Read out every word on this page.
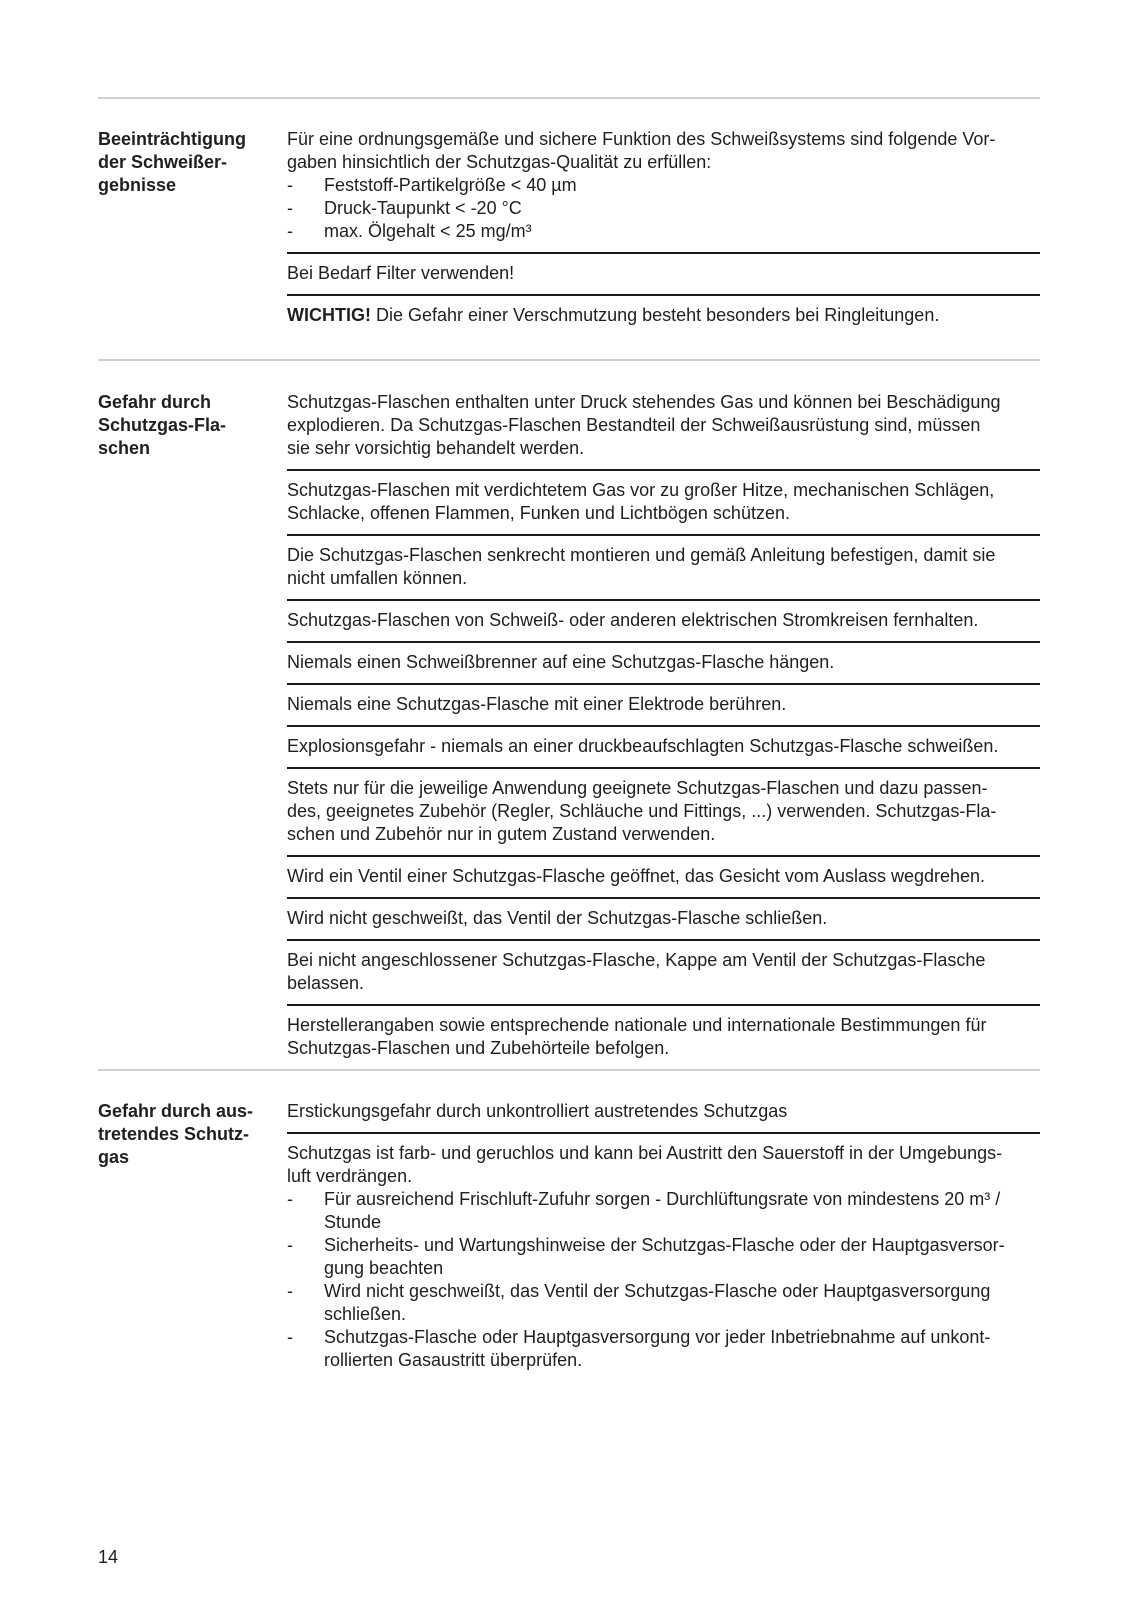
Beeinträchtigung
der Schweißer-
gebnisse
Für eine ordnungsgemäße und sichere Funktion des Schweißsystems sind folgende Vor-
gaben hinsichtlich der Schutzgas-Qualität zu erfüllen:
- Feststoff-Partikelgröße < 40 µm
- Druck-Taupunkt < -20 °C
- max. Ölgehalt < 25 mg/m³
Bei Bedarf Filter verwenden!
WICHTIG! Die Gefahr einer Verschmutzung besteht besonders bei Ringleitungen.
Gefahr durch
Schutzgas-Fla-
schen
Schutzgas-Flaschen enthalten unter Druck stehendes Gas und können bei Beschädigung
explodieren. Da Schutzgas-Flaschen Bestandteil der Schweißausrüstung sind, müssen
sie sehr vorsichtig behandelt werden.
Schutzgas-Flaschen mit verdichtetem Gas vor zu großer Hitze, mechanischen Schlägen,
Schlacke, offenen Flammen, Funken und Lichtbögen schützen.
Die Schutzgas-Flaschen senkrecht montieren und gemäß Anleitung befestigen, damit sie
nicht umfallen können.
Schutzgas-Flaschen von Schweiß- oder anderen elektrischen Stromkreisen fernhalten.
Niemals einen Schweißbrenner auf eine Schutzgas-Flasche hängen.
Niemals eine Schutzgas-Flasche mit einer Elektrode berühren.
Explosionsgefahr - niemals an einer druckbeaufschlagten Schutzgas-Flasche schweißen.
Stets nur für die jeweilige Anwendung geeignete Schutzgas-Flaschen und dazu passen-
des, geeignetes Zubehör (Regler, Schläuche und Fittings, ...) verwenden. Schutzgas-Fla-
schen und Zubehör nur in gutem Zustand verwenden.
Wird ein Ventil einer Schutzgas-Flasche geöffnet, das Gesicht vom Auslass wegdrehen.
Wird nicht geschweißt, das Ventil der Schutzgas-Flasche schließen.
Bei nicht angeschlossener Schutzgas-Flasche, Kappe am Ventil der Schutzgas-Flasche
belassen.
Herstellerangaben sowie entsprechende nationale und internationale Bestimmungen für
Schutzgas-Flaschen und Zubehörteile befolgen.
Gefahr durch aus-
tretendes Schutz-
gas
Erstickungsgefahr durch unkontrolliert austretendes Schutzgas
Schutzgas ist farb- und geruchlos und kann bei Austritt den Sauerstoff in der Umgebungs-
luft verdrängen.
- Für ausreichend Frischluft-Zufuhr sorgen - Durchlüftungsrate von mindestens 20 m³ /
Stunde
- Sicherheits- und Wartungshinweise der Schutzgas-Flasche oder der Hauptgasversor-
gung beachten
- Wird nicht geschweißt, das Ventil der Schutzgas-Flasche oder Hauptgasversorgung
schließen.
- Schutzgas-Flasche oder Hauptgasversorgung vor jeder Inbetriebnahme auf unkont-
rollierten Gasaustritt überprüfen.
14
